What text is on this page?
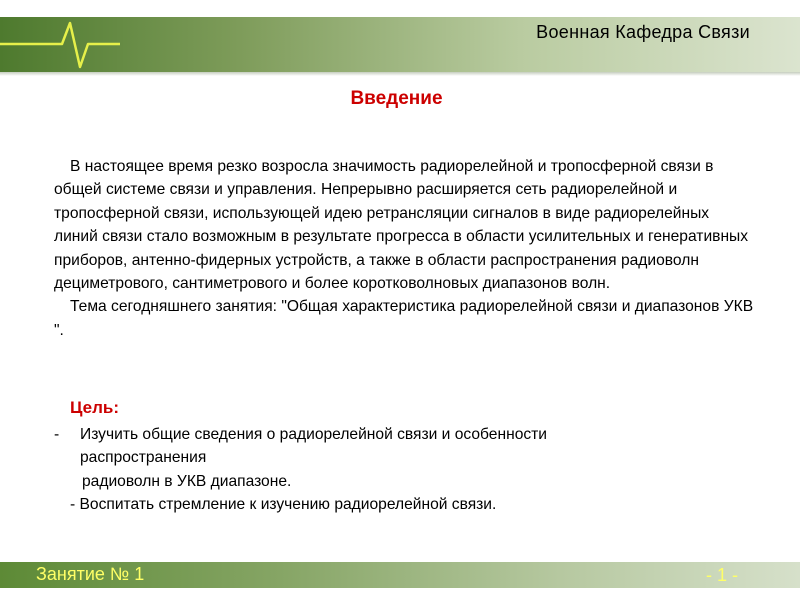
Военная Кафедра Связи
Введение

В настоящее время резко возросла значимость радиорелейной и тропосферной связи в общей системе связи и управления. Непрерывно расширяется сеть радиорелейной и тропосферной связи, использующей идею ретрансляции сигналов в виде радиорелейных линий связи стало возможным в результате прогресса в области усилительных и генеративных приборов, антенно-фидерных устройств, а также в области распространения радиоволн дециметрового, сантиметрового и более коротковолновых диапазонов волн.

Тема сегодняшнего занятия: "Общая характеристика радиорелейной связи и диапазонов УКВ ".

Цель:
- Изучить общие сведения о радиорелейной связи и особенности распространения
радиоволн в УКВ диапазоне.
- Воспитать стремление к изучению радиорелейной связи.
Занятие № 1	- 1 -
